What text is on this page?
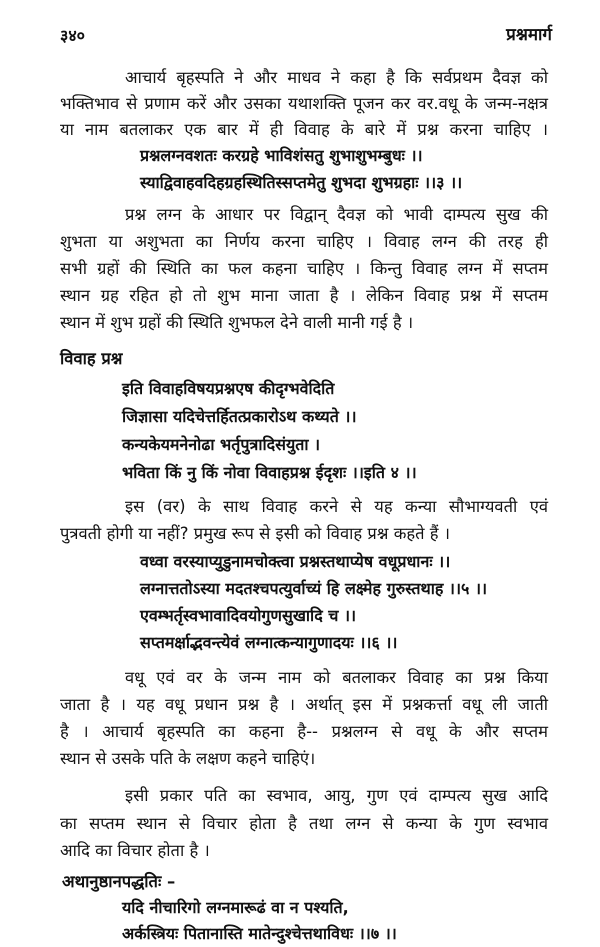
३४०	प्रश्नमार्ग
आचार्य बृहस्पति ने और माधव ने कहा है कि सर्वप्रथम दैवज्ञ को
भक्तिभाव से प्रणाम करें और उसका यथाशक्ति पूजन कर वर.वधू के जन्म-नक्षत्र
या नाम बतलाकर एक बार में ही विवाह के बारे में प्रश्न करना चाहिए ।
प्रश्नलग्नवशतः करग्रहे भाविशंसतु शुभाशुभम्बुधः ।।
स्याद्विवाहवदिहग्रहस्थितिस्सप्तमेतु शुभदा शुभग्रहाः ।।३ ।।
प्रश्न लग्न के आधार पर विद्वान् दैवज्ञ को भावी दाम्पत्य सुख की
शुभता या अशुभता का निर्णय करना चाहिए । विवाह लग्न की तरह ही
सभी ग्रहों की स्थिति का फल कहना चाहिए । किन्तु विवाह लग्न में सप्तम
स्थान ग्रह रहित हो तो शुभ माना जाता है । लेकिन विवाह प्रश्न में सप्तम
स्थान में शुभ ग्रहों की स्थिति शुभफल देने वाली मानी गई है ।
विवाह प्रश्न
इति विवाहविषयप्रश्नएष कीदृग्भवेदिति
जिज्ञासा यदिचेत्तर्हितत्प्रकारोऽथ कथ्यते ।।
कन्यकेयमनेनोढा भर्तृपुत्रादिसंयुता ।
भविता किं नु किं नोवा विवाहप्रश्न ईदृशः ।।इति ४ ।।
इस (वर) के साथ विवाह करने से यह कन्या सौभाग्यवती एवं
पुत्रवती होगी या नहीं? प्रमुख रूप से इसी को विवाह प्रश्न कहते हैं ।
वध्वा वरस्याप्युडुनामचोक्त्वा प्रश्नस्तथाप्येष वधूप्रधानः ।।
लग्नात्ततोऽस्या मदतश्चपत्युर्वाच्यं हि लक्ष्मेह गुरुस्तथाह ।।५ ।।
एवम्भर्तृस्वभावादिवयोगुणसुखादि च ।।
सप्तमर्क्षाद्भवन्त्येवं लग्नात्कन्यागुणादयः ।।६ ।।
वधू एवं वर के जन्म नाम को बतलाकर विवाह का प्रश्न किया
जाता है । यह वधू प्रधान प्रश्न है । अर्थात् इस में प्रश्नकर्त्ता वधू ली जाती
है । आचार्य बृहस्पति का कहना है-- प्रश्नलग्न से वधू के और सप्तम
स्थान से उसके पति के लक्षण कहने चाहिएं।
इसी प्रकार पति का स्वभाव, आयु, गुण एवं दाम्पत्य सुख आदि
का सप्तम स्थान से विचार होता है तथा लग्न से कन्या के गुण स्वभाव
आदि का विचार होता है ।
अथानुष्ठानपद्धतिः –
यदि नीचारिगो लग्नमारूढं वा न पश्यति,
अर्कस्त्रियः पितानास्ति मातेन्दुश्चेत्तथाविधः ।।७ ।।
